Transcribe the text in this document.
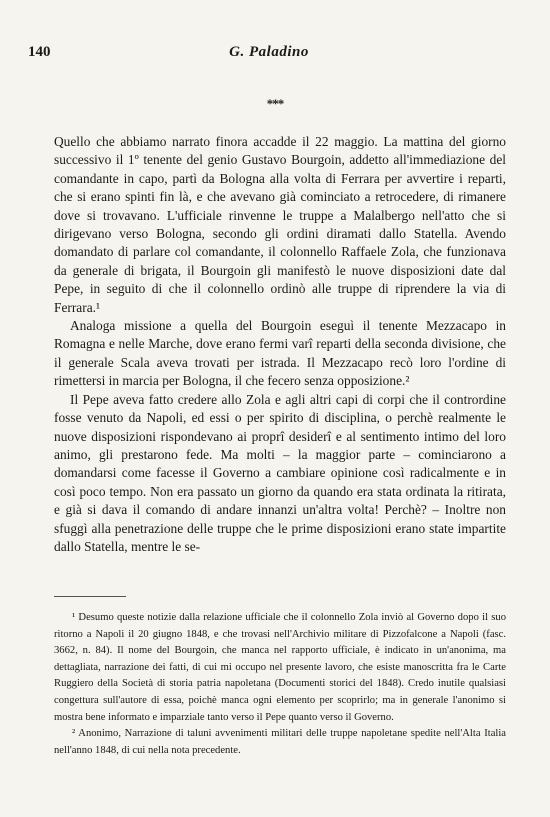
140	G. Paladino
***

Quello che abbiamo narrato finora accadde il 22 maggio. La mattina del giorno successivo il 1º tenente del genio Gustavo Bourgoin, addetto all'immediazione del comandante in capo, partì da Bologna alla volta di Ferrara per avvertire i reparti, che si erano spinti fin là, e che avevano già cominciato a retrocedere, di rimanere dove si trovavano. L'ufficiale rinvenne le truppe a Malalbergo nell'atto che si dirigevano verso Bologna, secondo gli ordini diramati dallo Statella. Avendo domandato di parlare col comandante, il colonnello Raffaele Zola, che funzionava da generale di brigata, il Bourgoin gli manifestò le nuove disposizioni date dal Pepe, in seguito di che il colonnello ordinò alle truppe di riprendere la via di Ferrara.¹

Analoga missione a quella del Bourgoin eseguì il tenente Mezzacapo in Romagna e nelle Marche, dove erano fermi varî reparti della seconda divisione, che il generale Scala aveva trovati per istrada. Il Mezzacapo recò loro l'ordine di rimettersi in marcia per Bologna, il che fecero senza opposizione.²

Il Pepe aveva fatto credere allo Zola e agli altri capi di corpi che il contrordine fosse venuto da Napoli, ed essi o per spirito di disciplina, o perchè realmente le nuove disposizioni rispondevano ai proprî desiderî e al sentimento intimo del loro animo, gli prestarono fede. Ma molti – la maggior parte – cominciarono a domandarsi come facesse il Governo a cambiare opinione così radicalmente e in così poco tempo. Non era passato un giorno da quando era stata ordinata la ritirata, e già si dava il comando di andare innanzi un'altra volta! Perchè? – Inoltre non sfuggì alla penetrazione delle truppe che le prime disposizioni erano state impartite dallo Statella, mentre le se-

¹ Desumo queste notizie dalla relazione ufficiale che il colonnello Zola inviò al Governo dopo il suo ritorno a Napoli il 20 giugno 1848, e che trovasi nell'Archivio militare di Pizzofalcone a Napoli (fasc. 3662, n. 84). Il nome del Bourgoin, che manca nel rapporto ufficiale, è indicato in un'anonima, ma dettagliata, narrazione dei fatti, di cui mi occupo nel presente lavoro, che esiste manoscritta fra le Carte Ruggiero della Società di storia patria napoletana (Documenti storici del 1848). Credo inutile qualsiasi congettura sull'autore di essa, poichè manca ogni elemento per scoprirlo; ma in generale l'anonimo si mostra bene informato e imparziale tanto verso il Pepe quanto verso il Governo.

² Anonimo, Narrazione di taluni avvenimenti militari delle truppe napoletane spedite nell'Alta Italia nell'anno 1848, di cui nella nota precedente.
